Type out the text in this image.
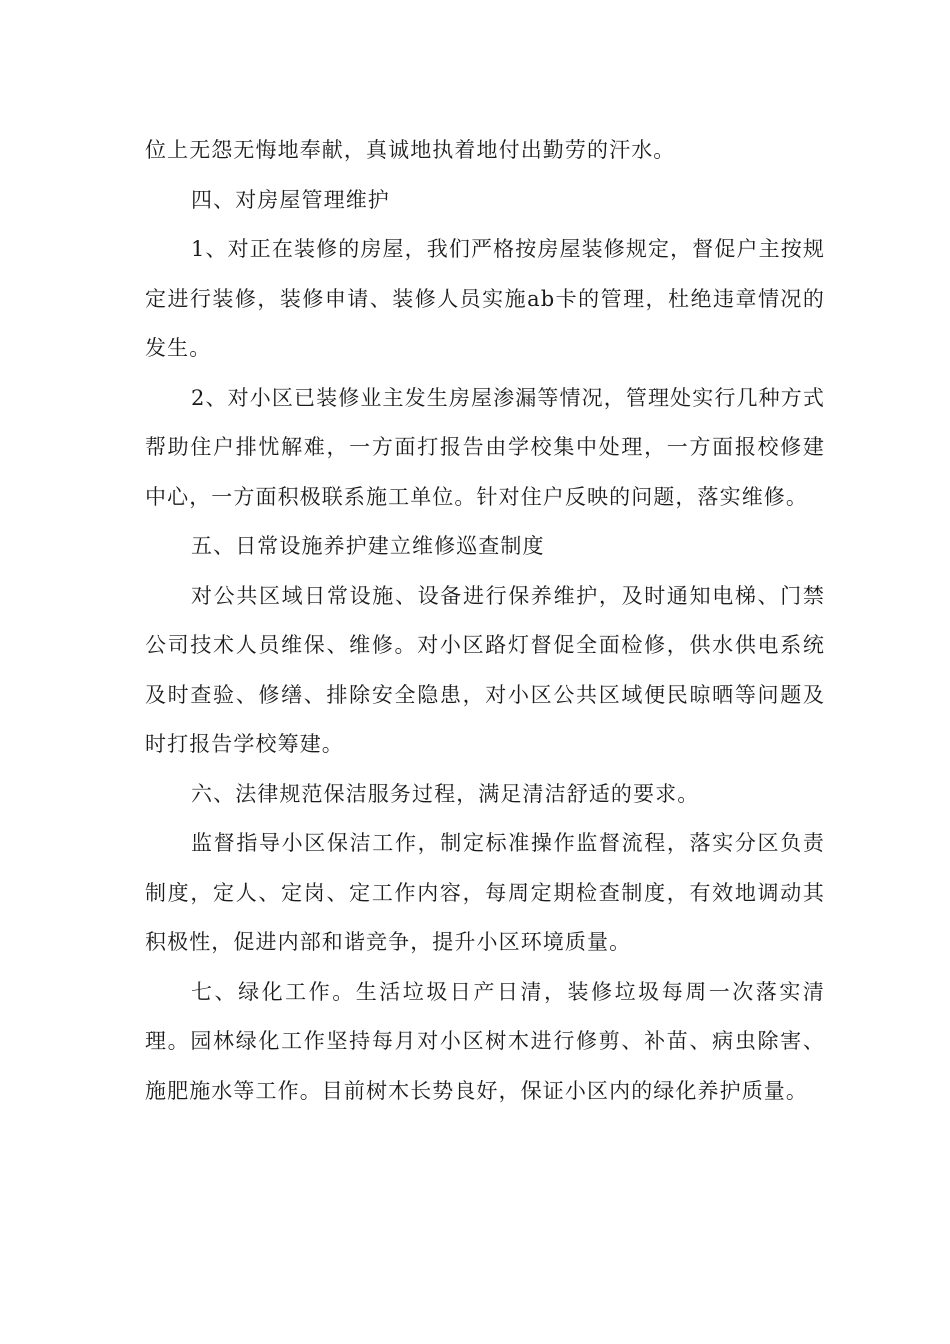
位上无怨无悔地奉献，真诚地执着地付出勤劳的汗水。

四、对房屋管理维护

1、对正在装修的房屋，我们严格按房屋装修规定，督促户主按规定进行装修，装修申请、装修人员实施ab卡的管理，杜绝违章情况的发生。

2、对小区已装修业主发生房屋渗漏等情况，管理处实行几种方式帮助住户排忧解难，一方面打报告由学校集中处理，一方面报校修建中心，一方面积极联系施工单位。针对住户反映的问题，落实维修。

五、日常设施养护建立维修巡查制度

对公共区域日常设施、设备进行保养维护，及时通知电梯、门禁公司技术人员维保、维修。对小区路灯督促全面检修，供水供电系统及时查验、修缮、排除安全隐患，对小区公共区域便民晾晒等问题及时打报告学校筹建。

六、法律规范保洁服务过程，满足清洁舒适的要求。

监督指导小区保洁工作，制定标准操作监督流程，落实分区负责制度，定人、定岗、定工作内容，每周定期检查制度，有效地调动其积极性，促进内部和谐竞争，提升小区环境质量。

七、绿化工作。生活垃圾日产日清，装修垃圾每周一次落实清理。园林绿化工作坚持每月对小区树木进行修剪、补苗、病虫除害、施肥施水等工作。目前树木长势良好，保证小区内的绿化养护质量。
